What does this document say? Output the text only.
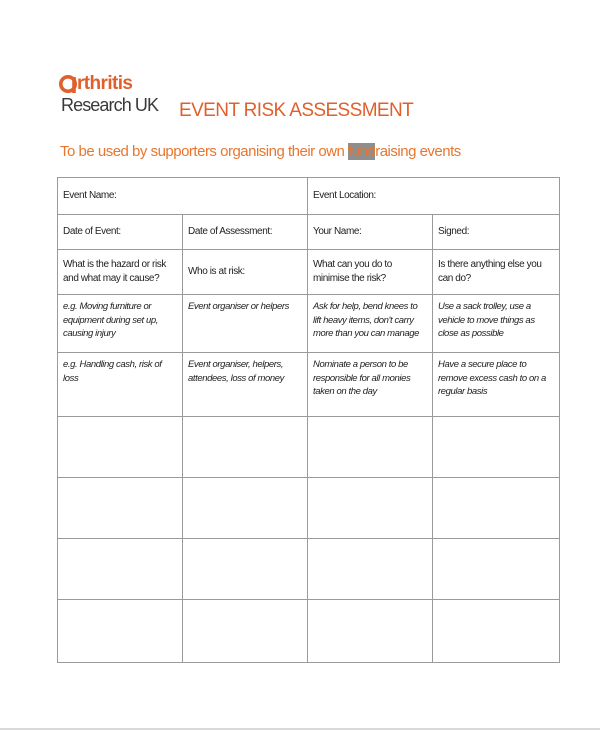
rthritis
Research UK EVENT RISK ASSESSMENT
To be used by supporters organising their own fundraising events
Event Name:		Event Location:	
Date of Event:	Date of Assessment:	Your Name:	Signed:
What is the hazard or risk and what may it cause?	Who is at risk:	What can you do to minimise the risk?	Is there anything else you can do?
e.g. Moving furniture or equipment during set up, causing injury	Event organiser or helpers	Ask for help, bend knees to lift heavy items, don't carry more than you can manage	Use a sack trolley, use a vehicle to move things as close as possible
e.g. Handling cash, risk of loss	Event organiser, helpers, attendees, loss of money	Nominate a person to be responsible for all monies taken on the day	Have a secure place to remove excess cash to on a regular basis
